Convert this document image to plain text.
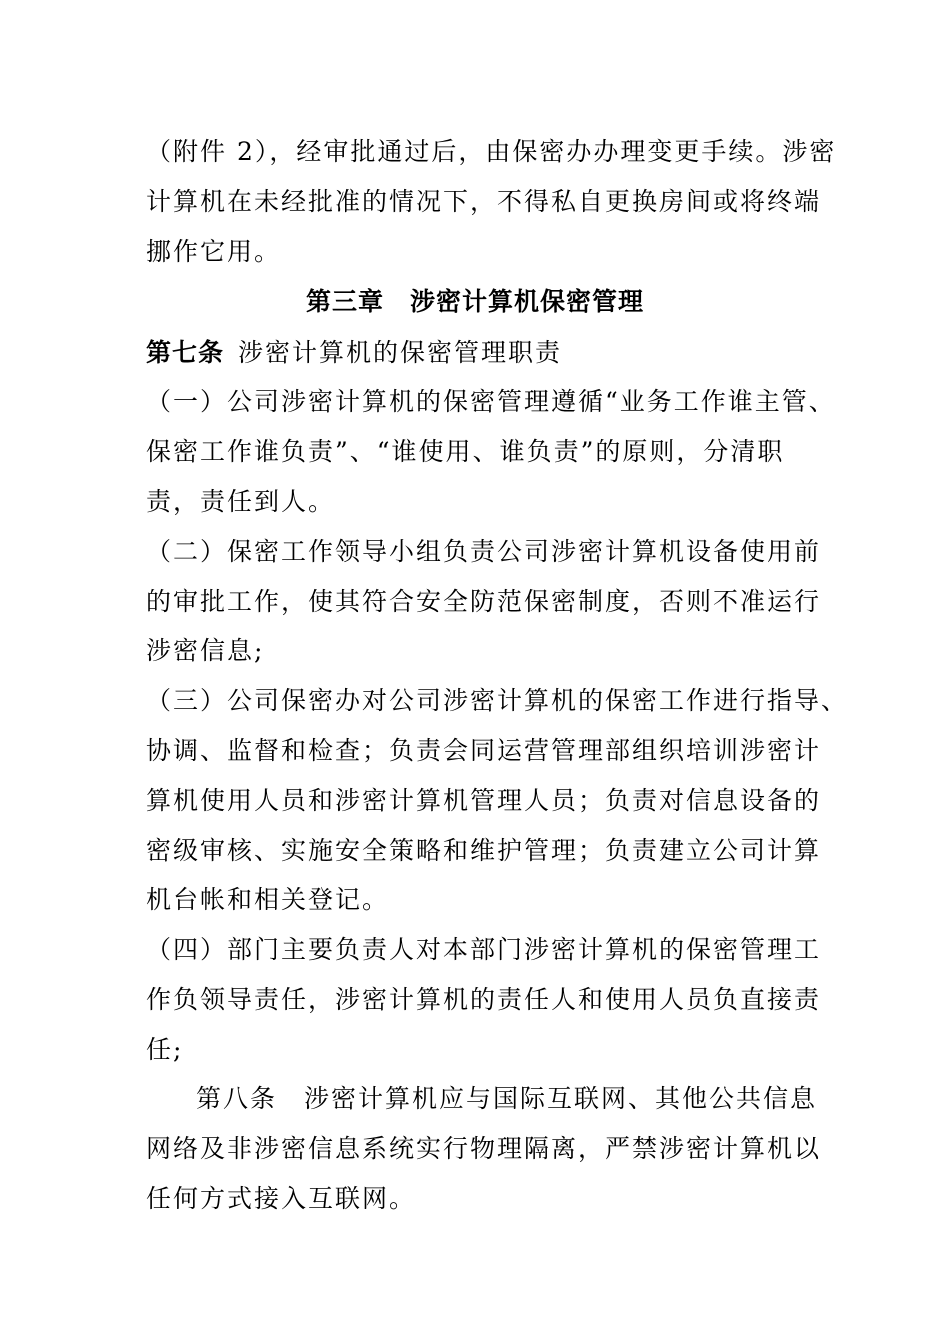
（附件 2），经审批通过后，由保密办办理变更手续。涉密
计算机在未经批准的情况下，不得私自更换房间或将终端
挪作它用。
第三章　涉密计算机保密管理
第七条 涉密计算机的保密管理职责
（一）公司涉密计算机的保密管理遵循“业务工作谁主管、
保密工作谁负责”、“谁使用、谁负责”的原则，分清职
责，责任到人。
（二）保密工作领导小组负责公司涉密计算机设备使用前
的审批工作，使其符合安全防范保密制度，否则不准运行
涉密信息;
（三）公司保密办对公司涉密计算机的保密工作进行指导、
协调、监督和检查；负责会同运营管理部组织培训涉密计
算机使用人员和涉密计算机管理人员；负责对信息设备的
密级审核、实施安全策略和维护管理；负责建立公司计算
机台帐和相关登记。
（四）部门主要负责人对本部门涉密计算机的保密管理工
作负领导责任，涉密计算机的责任人和使用人员负直接责
任;
第八条　涉密计算机应与国际互联网、其他公共信息
网络及非涉密信息系统实行物理隔离，严禁涉密计算机以
任何方式接入互联网。
